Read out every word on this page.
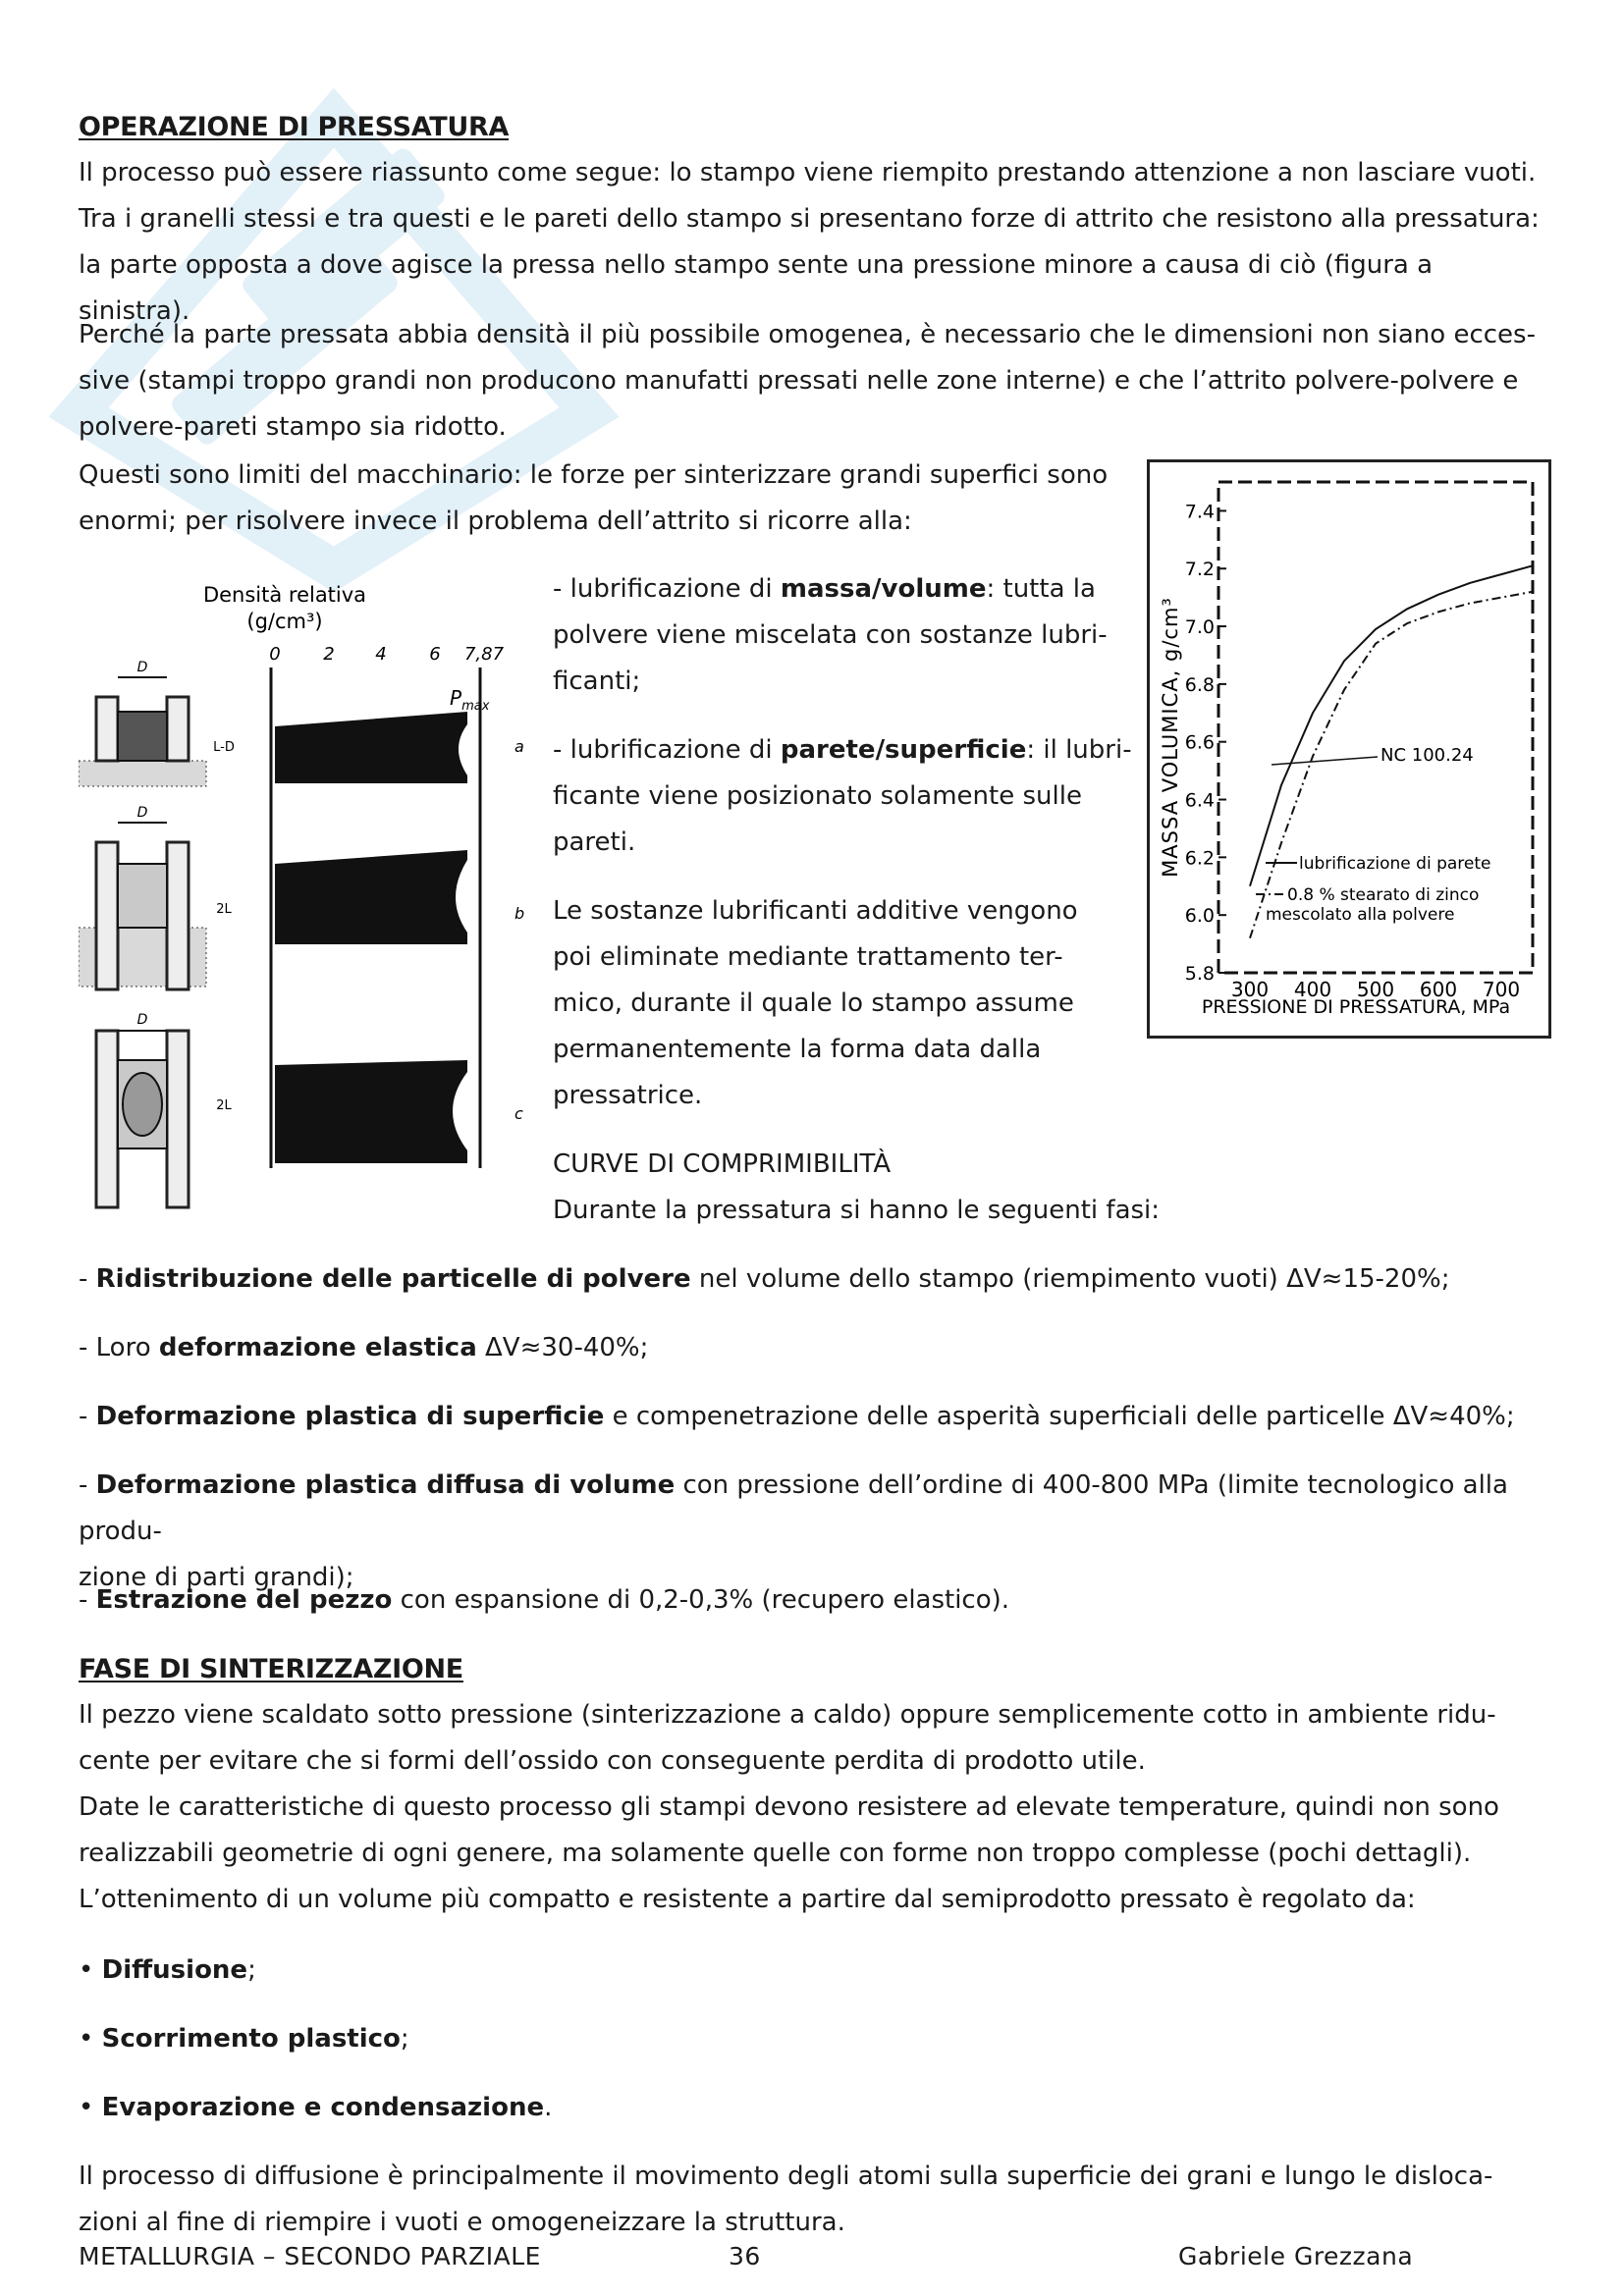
OPERAZIONE DI PRESSATURA

Il processo può essere riassunto come segue: lo stampo viene riempito prestando attenzione a non lasciare vuoti.

Tra i granelli stessi e tra questi e le pareti dello stampo si presentano forze di attrito che resistono alla pressatura:

la parte opposta a dove agisce la pressa nello stampo sente una pressione minore a causa di ciò (figura a sinistra).

Perché la parte pressata abbia densità il più possibile omogenea, è necessario che le dimensioni non siano ecces-

sive (stampi troppo grandi non producono manufatti pressati nelle zone interne) e che l’attrito polvere-polvere e

polvere-pareti stampo sia ridotto.

Questi sono limiti del macchinario: le forze per sinterizzare grandi superfici sono

enormi; per risolvere invece il problema dell’attrito si ricorre alla:

Densità relativa
(g/cm³)
0 2 4 6 7,87
D
L-D
$P_{max}$
a
D
2L	b
D
2L	c
- lubrificazione di massa/volume: tutta la
polvere viene miscelata con sostanze lubri-
ficanti;
- lubrificazione di parete/superficie: il lubri-
ficante viene posizionato solamente sulle
pareti.

Le sostanze lubrificanti additive vengono

poi eliminate mediante trattamento ter-

mico, durante il quale lo stampo assume

permanentemente la forma data dalla

pressatrice.

CURVE DI COMPRIMIBILITÀ
Durante la pressatura si hanno le seguenti fasi:
5.8
6.0
6.2
6.4
6.6
6.8
7.0
7.2
7.4
300 400 500 600 700
MASSA VOLUMICA, g/cm³
PRESSIONE DI PRESSATURA, MPa
NC 100.24
lubrificazione di parete
0.8 % stearato di zinco
mescolato alla polvere
- Ridistribuzione delle particelle di polvere nel volume dello stampo (riempimento vuoti) ΔV≈15-20%;
- Loro deformazione elastica ΔV≈30-40%;
- Deformazione plastica di superficie e compenetrazione delle asperità superficiali delle particelle ΔV≈40%;
- Deformazione plastica diffusa di volume con pressione dell’ordine di 400-800 MPa (limite tecnologico alla produ-
zione di parti grandi);
- Estrazione del pezzo con espansione di 0,2-0,3% (recupero elastico).
FASE DI SINTERIZZAZIONE

Il pezzo viene scaldato sotto pressione (sinterizzazione a caldo) oppure semplicemente cotto in ambiente ridu-

cente per evitare che si formi dell’ossido con conseguente perdita di prodotto utile.

Date le caratteristiche di questo processo gli stampi devono resistere ad elevate temperature, quindi non sono

realizzabili geometrie di ogni genere, ma solamente quelle con forme non troppo complesse (pochi dettagli).

L’ottenimento di un volume più compatto e resistente a partire dal semiprodotto pressato è regolato da:

• Diffusione;
• Scorrimento plastico;
• Evaporazione e condensazione.

Il processo di diffusione è principalmente il movimento degli atomi sulla superficie dei grani e lungo le disloca-

zioni al fine di riempire i vuoti e omogeneizzare la struttura.

METALLURGIA – SECONDO PARZIALE	36	Gabriele Grezzana
